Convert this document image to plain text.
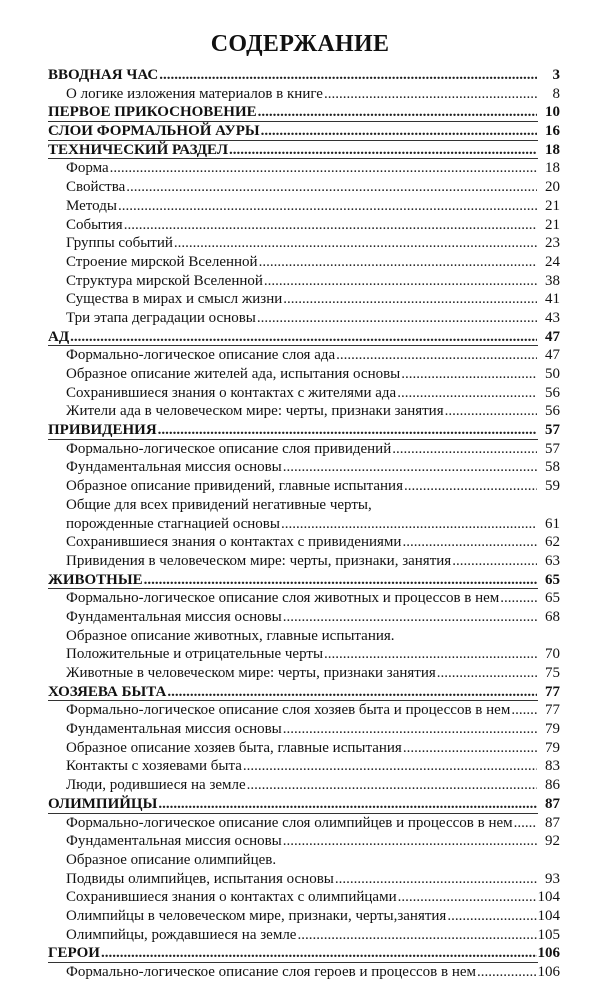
СОДЕРЖАНИЕ
ВВОДНАЯ ЧАС .....	3
О логике изложения материалов в книге .....	8
ПЕРВОЕ ПРИКОСНОВЕНИЕ .....	10
СЛОИ ФОРМАЛЬНОЙ АУРЫ .....	16
ТЕХНИЧЕСКИЙ РАЗДЕЛ .....	18
Форма .....	18
Свойства .....	20
Методы .....	21
События .....	21
Группы событий .....	23
Строение мирской Вселенной .....	24
Структура мирской Вселенной .....	38
Существа в мирах и смысл жизни .....	41
Три этапа деградации основы .....	43
АД .....	47
Формально-логическое описание слоя ада .....	47
Образное описание жителей ада, испытания основы .....	50
Сохранившиеся знания о контактах с жителями ада .....	56
Жители ада в человеческом мире: черты, признаки занятия .....	56
ПРИВИДЕНИЯ .....	57
Формально-логическое описание слоя привидений .....	57
Фундаментальная миссия основы .....	58
Образное описание привидений, главные испытания .....	59
Общие для всех привидений негативные черты,
порожденные стагнацией основы .....	61
Сохранившиеся знания о контактах с привидениями .....	62
Привидения в человеческом мире: черты, признаки, занятия .....	63
ЖИВОТНЫЕ .....	65
Формально-логическое описание слоя животных и процессов в нем .....	65
Фундаментальная миссия основы .....	68
Образное описание животных, главные испытания.
Положительные и отрицательные черты .....	70
Животные в человеческом мире: черты, признаки занятия .....	75
ХОЗЯЕВА БЫТА .....	77
Формально-логическое описание слоя хозяев быта и процессов в нем .....	77
Фундаментальная миссия основы .....	79
Образное описание хозяев быта, главные испытания .....	79
Контакты с хозяевами быта .....	83
Люди, родившиеся на земле .....	86
ОЛИМПИЙЦЫ .....	87
Формально-логическое описание слоя олимпийцев и процессов в нем .....	87
Фундаментальная миссия основы .....	92
Образное описание олимпийцев.
Подвиды олимпийцев, испытания основы .....	93
Сохранившиеся знания о контактах с олимпийцами .....	104
Олимпийцы в человеческом мире, признаки, черты,занятия .....	104
Олимпийцы, рождавшиеся на земле .....	105
ГЕРОИ .....	106
Формально-логическое описание слоя героев и процессов в нем .....	106
